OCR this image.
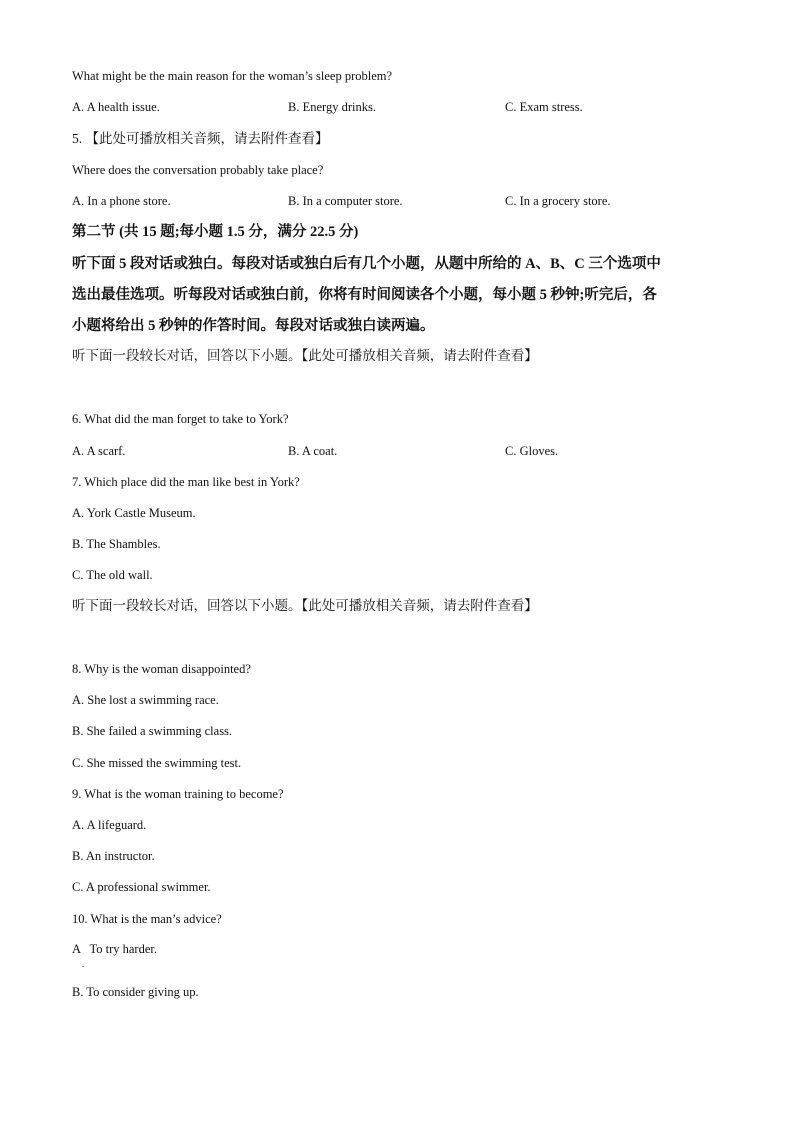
What might be the main reason for the woman’s sleep problem?
A. A health issue.	B. Energy drinks.	C. Exam stress.
5. 【此处可播放相关音频，请去附件查看】
Where does the conversation probably take place?
A. In a phone store.	B. In a computer store.	C. In a grocery store.
第二节 (共 15 题;每小题 1.5 分，满分 22.5 分)
听下面 5 段对话或独白。每段对话或独白后有几个小题，从题中所给的 A、B、C 三个选项中
选出最佳选项。听每段对话或独白前，你将有时间阅读各个小题，每小题 5 秒钟;听完后，各
小题将给出 5 秒钟的作答时间。每段对话或独白读两遍。
听下面一段较长对话，回答以下小题。【此处可播放相关音频，请去附件查看】
6. What did the man forget to take to York?
A. A scarf.	B. A coat.	C. Gloves.
7. Which place did the man like best in York?
A. York Castle Museum.
B. The Shambles.
C. The old wall.
听下面一段较长对话，回答以下小题。【此处可播放相关音频，请去附件查看】
8. Why is the woman disappointed?
A. She lost a swimming race.
B. She failed a swimming class.
C. She missed the swimming test.
9. What is the woman training to become?
A. A lifeguard.
B. An instructor.
C. A professional swimmer.
10. What is the man’s advice?
A   To try harder.
.
B. To consider giving up.
